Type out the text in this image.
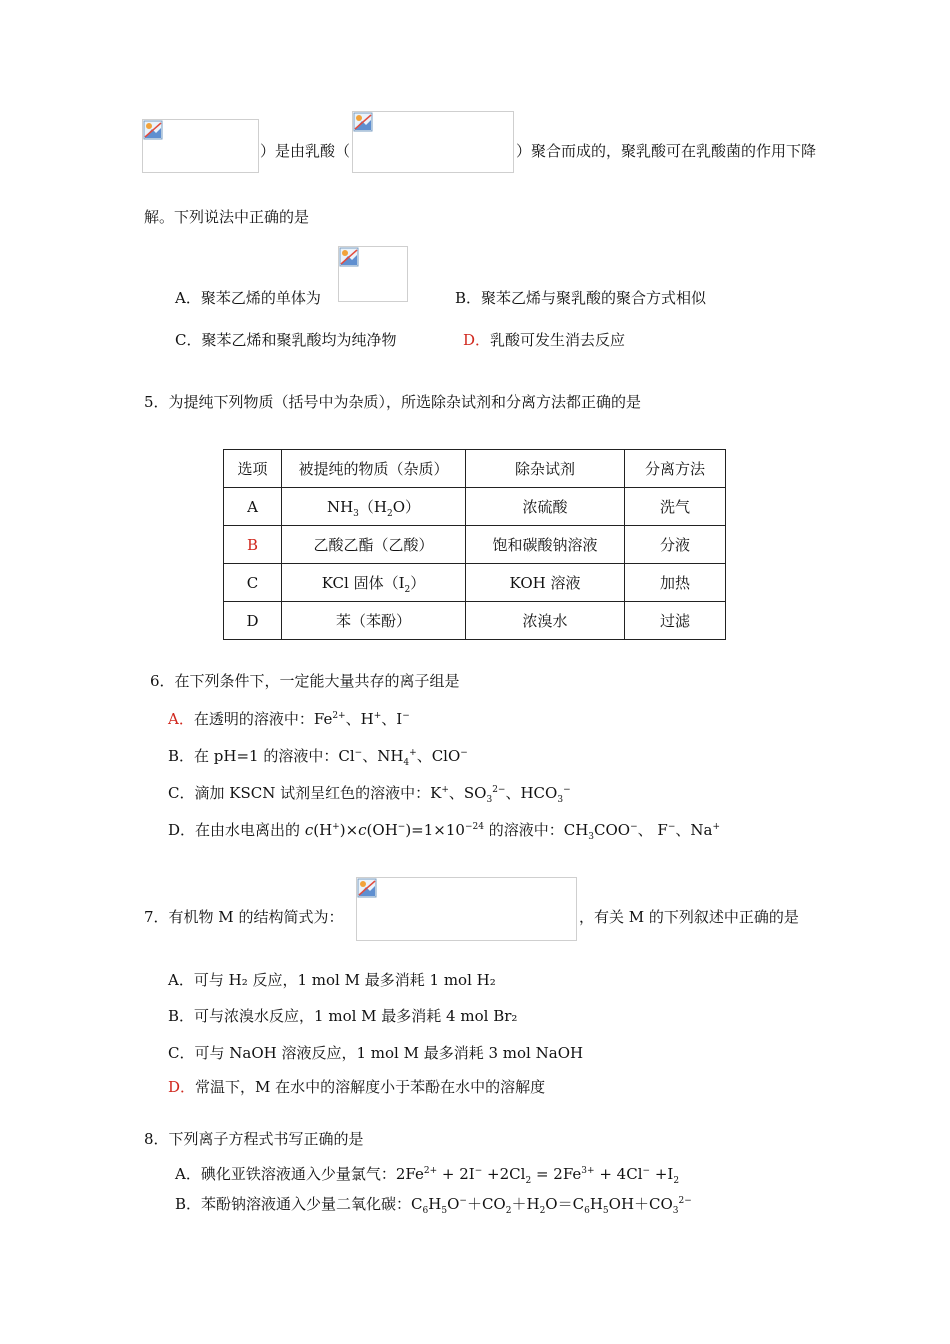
）是由乳酸（	）聚合而成的，聚乳酸可在乳酸菌的作用下降
解。下列说法中正确的是
A．聚苯乙烯的单体为	B．聚苯乙烯与聚乳酸的聚合方式相似
C．聚苯乙烯和聚乳酸均为纯净物	D．乳酸可发生消去反应
5．为提纯下列物质（括号中为杂质），所选除杂试剂和分离方法都正确的是
选项	被提纯的物质（杂质）	除杂试剂	分离方法
A	$NH_3(H_2O)$	浓硫酸	洗气
B	乙酸乙酯（乙酸）	饱和碳酸钠溶液	分液
C	KCl 固体$(I_2)$	KOH 溶液	加热
D	苯（苯酚）	浓溴水	过滤
6．在下列条件下，一定能大量共存的离子组是
A．在透明的溶液中：$Fe^{2+}$、H+、I−
B．在 pH=1 的溶液中：Cl−、$NH_4^+$、ClO−
C．滴加 KSCN 试剂呈红色的溶液中：K+、$SO_3^{2-}$、$HCO_3^-$
D．在由水电离出的 $c(H^+)\times c(OH^-)=1\times 10^{-24}$ 的溶液中：$CH_3COO^-$、 F−、Na+
7．有机物 M 的结构简式为：	，有关 M 的下列叙述中正确的是
A．可与 H₂ 反应，1 mol M 最多消耗 1 mol H₂
B．可与浓溴水反应，1 mol M 最多消耗 4 mol Br₂
C．可与 NaOH 溶液反应，1 mol M 最多消耗 3 mol NaOH
D．常温下，M 在水中的溶解度小于苯酚在水中的溶解度
8．下列离子方程式书写正确的是
A．碘化亚铁溶液通入少量氯气：$2Fe^{2+} + 2I^- +2Cl_2 = 2Fe^{3+} + 4Cl^- +I_2$
B．苯酚钠溶液通入少量二氧化碳：$C_6H_5O^-+CO_2+H_2O=C_6H_5OH+CO_3^{2-}$
